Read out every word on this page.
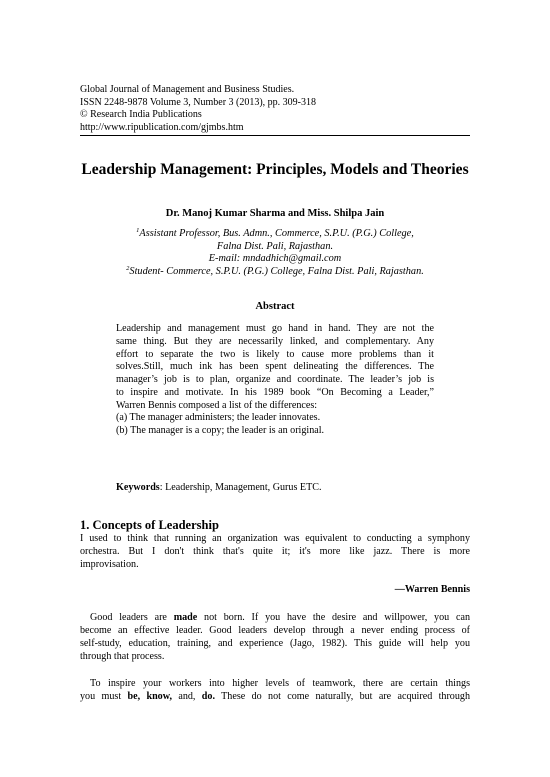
Global Journal of Management and Business Studies.
ISSN 2248-9878 Volume 3, Number 3 (2013), pp. 309-318
© Research India Publications
http://www.ripublication.com/gjmbs.htm
Leadership Management: Principles, Models and Theories
Dr. Manoj Kumar Sharma and Miss. Shilpa Jain
$^1$Assistant Professor, Bus. Admn., Commerce, S.P.U. (P.G.) College,
Falna Dist. Pali, Rajasthan.
E-mail: mndadhich@gmail.com
$^2$Student- Commerce, S.P.U. (P.G.) College, Falna Dist. Pali, Rajasthan.
Abstract
Leadership and management must go hand in hand. They are not the
same thing. But they are necessarily linked, and complementary. Any
effort to separate the two is likely to cause more problems than it
solves.Still, much ink has been spent delineating the differences. The
manager’s job is to plan, organize and coordinate. The leader’s job is
to inspire and motivate. In his 1989 book “On Becoming a Leader,”
Warren Bennis composed a list of the differences:
(a) The manager administers; the leader innovates.
(b) The manager is a copy; the leader is an original.
Keywords: Leadership, Management, Gurus ETC.
1. Concepts of Leadership
I used to think that running an organization was equivalent to conducting a symphony
orchestra. But I don't think that's quite it; it's more like jazz. There is more
improvisation.
—Warren Bennis
Good leaders are made not born. If you have the desire and willpower, you can
become an effective leader. Good leaders develop through a never ending process of
self-study, education, training, and experience (Jago, 1982). This guide will help you
through that process.
To inspire your workers into higher levels of teamwork, there are certain things
you must be, know, and, do. These do not come naturally, but are acquired through
